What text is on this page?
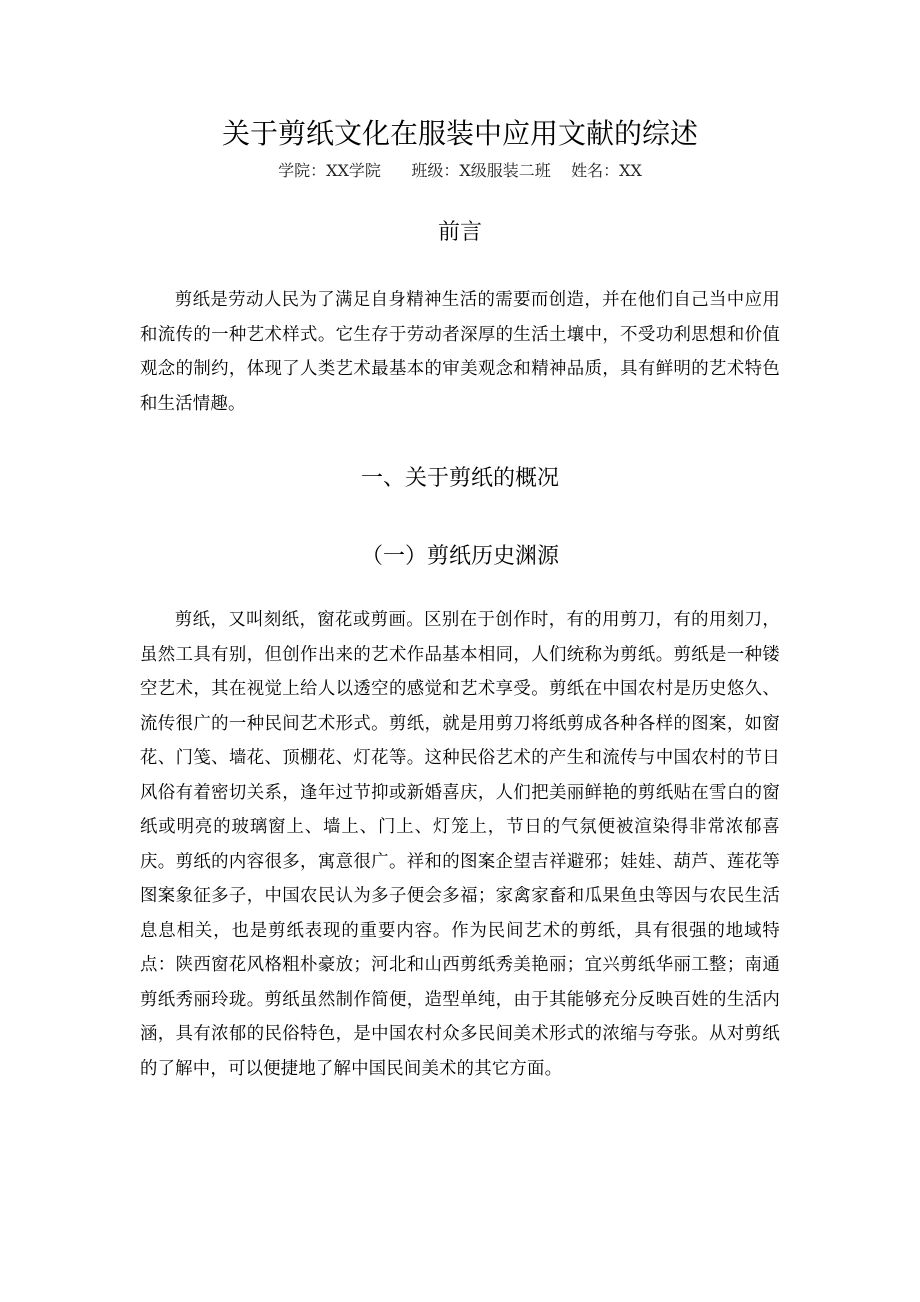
关于剪纸文化在服装中应用文献的综述
学院：XX学院      班级：X级服装二班    姓名：XX
前言

剪纸是劳动人民为了满足自身精神生活的需要而创造，并在他们自己当中应用和流传的一种艺术样式。它生存于劳动者深厚的生活土壤中，不受功利思想和价值观念的制约，体现了人类艺术最基本的审美观念和精神品质，具有鲜明的艺术特色和生活情趣。

一、关于剪纸的概况
（一）剪纸历史渊源

剪纸，又叫刻纸，窗花或剪画。区别在于创作时，有的用剪刀，有的用刻刀，虽然工具有别，但创作出来的艺术作品基本相同，人们统称为剪纸。剪纸是一种镂空艺术，其在视觉上给人以透空的感觉和艺术享受。剪纸在中国农村是历史悠久、流传很广的一种民间艺术形式。剪纸，就是用剪刀将纸剪成各种各样的图案，如窗花、门笺、墙花、顶棚花、灯花等。这种民俗艺术的产生和流传与中国农村的节日风俗有着密切关系，逢年过节抑或新婚喜庆，人们把美丽鲜艳的剪纸贴在雪白的窗纸或明亮的玻璃窗上、墙上、门上、灯笼上，节日的气氛便被渲染得非常浓郁喜庆。剪纸的内容很多，寓意很广。祥和的图案企望吉祥避邪；娃娃、葫芦、莲花等图案象征多子，中国农民认为多子便会多福；家禽家畜和瓜果鱼虫等因与农民生活息息相关，也是剪纸表现的重要内容。作为民间艺术的剪纸，具有很强的地域特点：陕西窗花风格粗朴豪放；河北和山西剪纸秀美艳丽；宜兴剪纸华丽工整；南通剪纸秀丽玲珑。剪纸虽然制作简便，造型单纯，由于其能够充分反映百姓的生活内涵，具有浓郁的民俗特色，是中国农村众多民间美术形式的浓缩与夸张。从对剪纸的了解中，可以便捷地了解中国民间美术的其它方面。
